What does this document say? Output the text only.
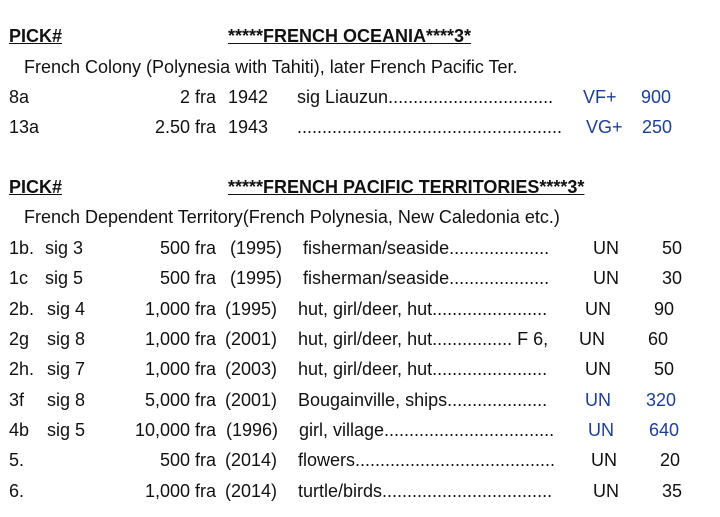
PICK#	*****FRENCH OCEANIA****3*
French Colony (Polynesia with Tahiti), later French Pacific Ter.
8a	2 fra 1942 sig Liauzun................................. VF+	900
13a	2.50 fra 1943 ..................................................... VG+	250
PICK#	*****FRENCH PACIFIC TERRITORIES****3*
French Dependent Territory(French Polynesia, New Caledonia etc.)
1b. sig 3	500 fra (1995) fisherman/seaside.................... UN	50
1c sig 5	500 fra (1995) fisherman/seaside.................... UN	30
2b. sig 4	1,000 fra (1995) hut, girl/deer, hut....................... UN	90
2g sig 8	1,000 fra (2001) hut, girl/deer, hut................ F 6, UN	60
2h. sig 7	1,000 fra (2003) hut, girl/deer, hut....................... UN	50
3f sig 8	5,000 fra (2001) Bougainville, ships.................... UN	320
4b sig 5	10,000 fra (1996) girl, village.................................. UN	640
5.	500 fra (2014) flowers........................................ UN	20
6.	1,000 fra (2014) turtle/birds.................................. UN	35
